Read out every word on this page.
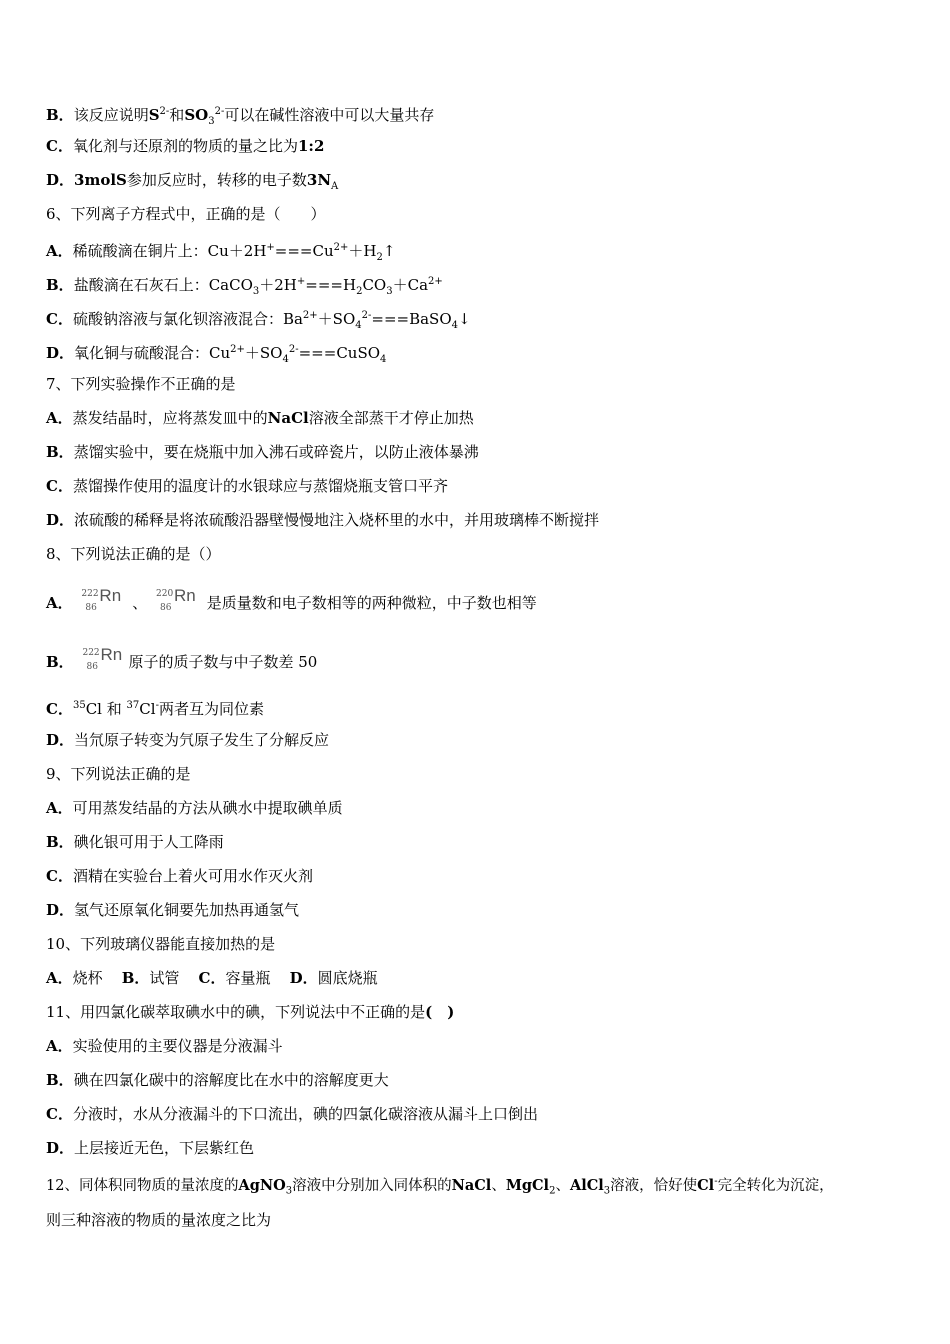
B．该反应说明$S^{2-}$和$SO_3^{2-}$可以在碱性溶液中可以大量共存
C．氧化剂与还原剂的物质的量之比为1:2
D．3molS参加反应时，转移的电子数$3N_A$
6、下列离子方程式中，正确的是（　　）
A．稀硫酸滴在铜片上：$Cu+2H^+===Cu^{2+}+H_2↑$
B．盐酸滴在石灰石上：$CaCO_3+2H^+===H_2CO_3+Ca^{2+}$
C．硫酸钠溶液与氯化钡溶液混合：$Ba^{2+}+SO_4^{2-}===BaSO_4↓$
D．氧化铜与硫酸混合：$Cu^{2+}+SO_4^{2-}===CuSO_4$
7、下列实验操作不正确的是
A．蒸发结晶时，应将蒸发皿中的NaCl溶液全部蒸干才停止加热
B．蒸馏实验中，要在烧瓶中加入沸石或碎瓷片，以防止液体暴沸
C．蒸馏操作使用的温度计的水银球应与蒸馏烧瓶支管口平齐
D．浓硫酸的稀释是将浓硫酸沿器壁慢慢地注入烧杯里的水中，并用玻璃棒不断搅拌
8、下列说法正确的是（）
A． 222
86
Rn 、 220
86
Rn 是质量数和电子数相等的两种微粒，中子数也相等
B． 222
86
Rn 原子的质子数与中子数差 50
C．$^{35}$Cl 和 $^{37}$Cl-两者互为同位素
D．当氘原子转变为氕原子发生了分解反应
9、下列说法正确的是
A．可用蒸发结晶的方法从碘水中提取碘单质
B．碘化银可用于人工降雨
C．酒精在实验台上着火可用水作灭火剂
D．氢气还原氧化铜要先加热再通氢气
10、下列玻璃仪器能直接加热的是
A．烧杯 B．试管 C．容量瓶 D．圆底烧瓶
11、用四氯化碳萃取碘水中的碘，下列说法中不正确的是(　)
A．实验使用的主要仪器是分液漏斗
B．碘在四氯化碳中的溶解度比在水中的溶解度更大
C．分液时，水从分液漏斗的下口流出，碘的四氯化碳溶液从漏斗上口倒出
D．上层接近无色，下层紫红色
12、同体积同物质的量浓度的AgNO$_3$溶液中分别加入同体积的NaCl、MgCl$_2$、AlCl$_3$溶液，恰好使Cl-完全转化为沉淀，
则三种溶液的物质的量浓度之比为
